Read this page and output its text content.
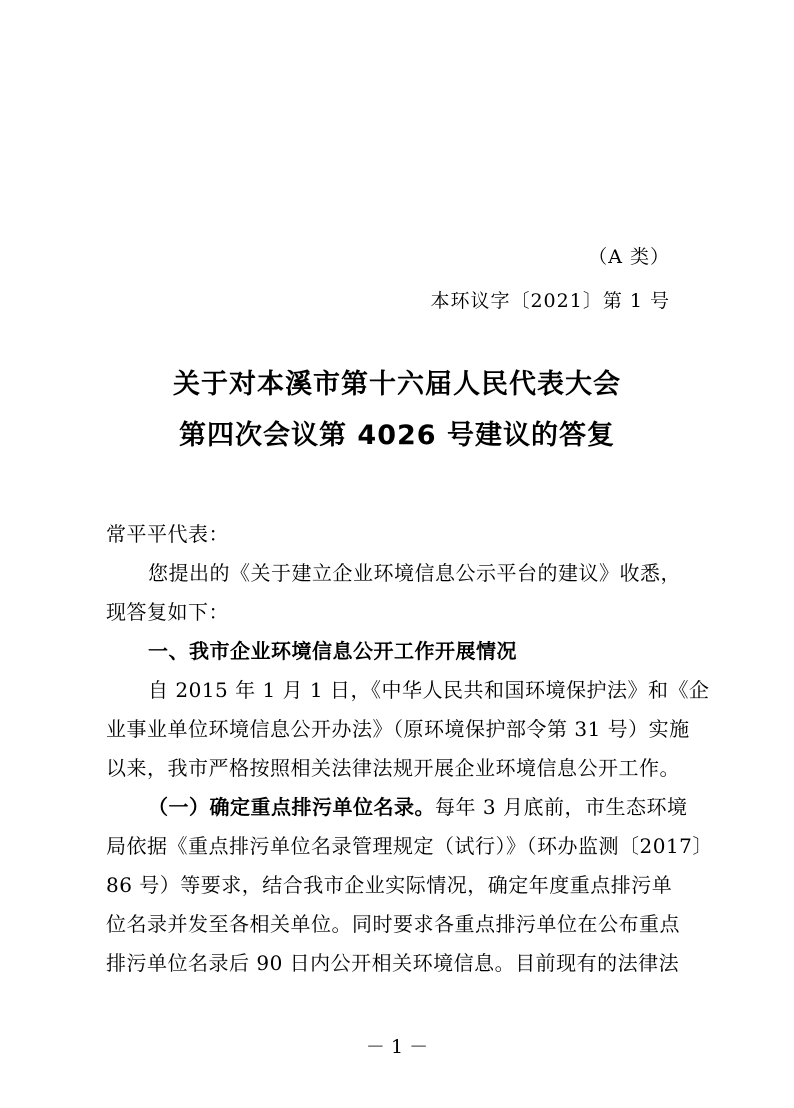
（A 类）
本环议字〔2021〕第 1 号
关于对本溪市第十六届人民代表大会
第四次会议第 4026 号建议的答复
常平平代表：
您提出的《关于建立企业环境信息公示平台的建议》收悉，
现答复如下：
一、我市企业环境信息公开工作开展情况
自 2015 年 1 月 1 日，《中华人民共和国环境保护法》和《企
业事业单位环境信息公开办法》（原环境保护部令第 31 号）实施
以来，我市严格按照相关法律法规开展企业环境信息公开工作。
（一）确定重点排污单位名录。每年 3 月底前，市生态环境
局依据《重点排污单位名录管理规定（试行）》（环办监测〔2017〕
86 号）等要求，结合我市企业实际情况，确定年度重点排污单
位名录并发至各相关单位。同时要求各重点排污单位在公布重点
排污单位名录后 90 日内公开相关环境信息。目前现有的法律法
－ 1 －
